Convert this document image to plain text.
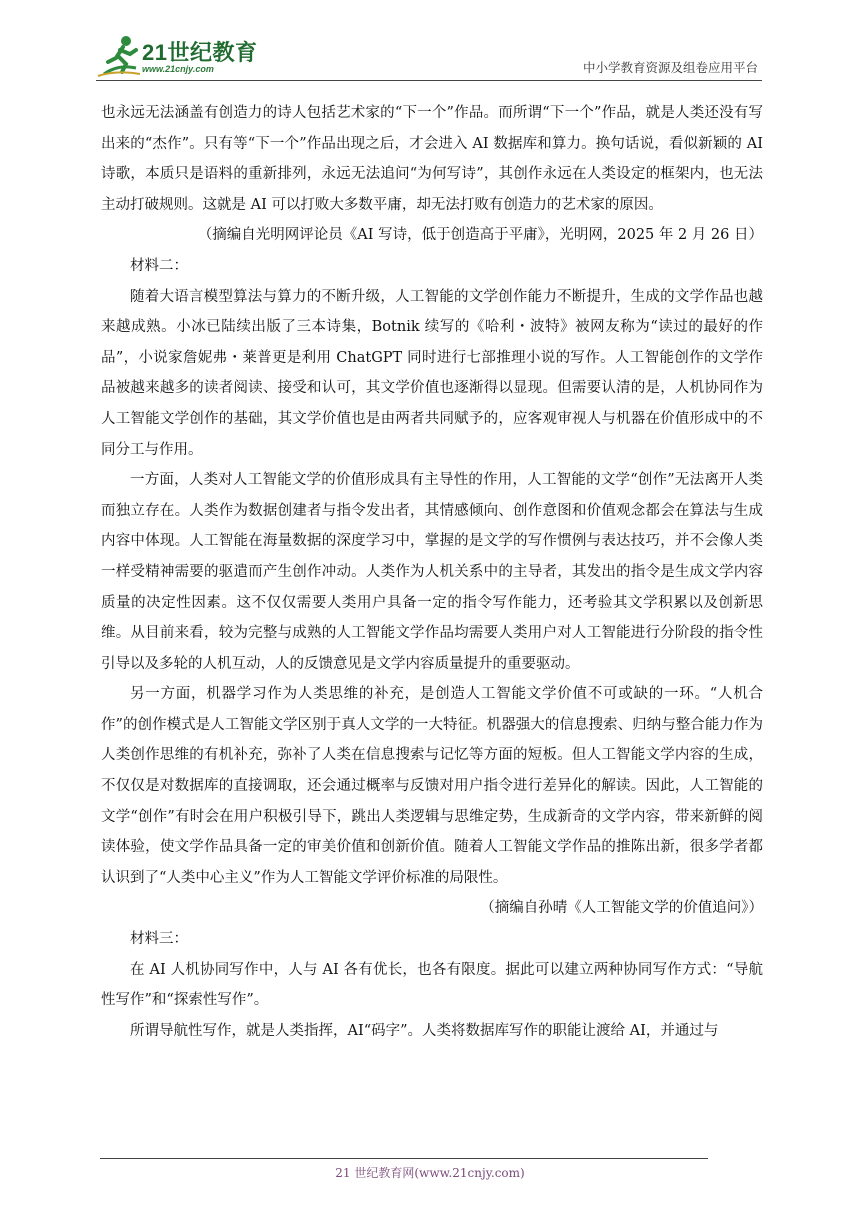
21世纪教育
www.21cnjy.com	中小学教育资源及组卷应用平台

也永远无法涵盖有创造力的诗人包括艺术家的“下一个”作品。而所谓“下一个”作品，就是人类还没有写出来的“杰作”。只有等“下一个”作品出现之后，才会进入 AI 数据库和算力。换句话说，看似新颖的 AI 诗歌，本质只是语料的重新排列，永远无法追问“为何写诗”，其创作永远在人类设定的框架内，也无法主动打破规则。这就是 AI 可以打败大多数平庸，却无法打败有创造力的艺术家的原因。

（摘编自光明网评论员《AI 写诗，低于创造高于平庸》，光明网，2025 年 2 月 26 日）

材料二：

随着大语言模型算法与算力的不断升级，人工智能的文学创作能力不断提升，生成的文学作品也越来越成熟。小冰已陆续出版了三本诗集，Botnik 续写的《哈利・波特》被网友称为“读过的最好的作品”，小说家詹妮弗・莱普更是利用 ChatGPT 同时进行七部推理小说的写作。人工智能创作的文学作品被越来越多的读者阅读、接受和认可，其文学价值也逐渐得以显现。但需要认清的是，人机协同作为人工智能文学创作的基础，其文学价值也是由两者共同赋予的，应客观审视人与机器在价值形成中的不同分工与作用。

一方面，人类对人工智能文学的价值形成具有主导性的作用，人工智能的文学“创作”无法离开人类而独立存在。人类作为数据创建者与指令发出者，其情感倾向、创作意图和价值观念都会在算法与生成内容中体现。人工智能在海量数据的深度学习中，掌握的是文学的写作惯例与表达技巧，并不会像人类一样受精神需要的驱遣而产生创作冲动。人类作为人机关系中的主导者，其发出的指令是生成文学内容质量的决定性因素。这不仅仅需要人类用户具备一定的指令写作能力，还考验其文学积累以及创新思维。从目前来看，较为完整与成熟的人工智能文学作品均需要人类用户对人工智能进行分阶段的指令性引导以及多轮的人机互动，人的反馈意见是文学内容质量提升的重要驱动。

另一方面，机器学习作为人类思维的补充，是创造人工智能文学价值不可或缺的一环。“人机合作”的创作模式是人工智能文学区别于真人文学的一大特征。机器强大的信息搜索、归纳与整合能力作为人类创作思维的有机补充，弥补了人类在信息搜索与记忆等方面的短板。但人工智能文学内容的生成，不仅仅是对数据库的直接调取，还会通过概率与反馈对用户指令进行差异化的解读。因此，人工智能的文学“创作”有时会在用户积极引导下，跳出人类逻辑与思维定势，生成新奇的文学内容，带来新鲜的阅读体验，使文学作品具备一定的审美价值和创新价值。随着人工智能文学作品的推陈出新，很多学者都认识到了“人类中心主义”作为人工智能文学评价标准的局限性。

（摘编自孙晴《人工智能文学的价值追问》）

材料三：

在 AI 人机协同写作中，人与 AI 各有优长，也各有限度。据此可以建立两种协同写作方式：“导航性写作”和“探索性写作”。

所谓导航性写作，就是人类指挥，AI“码字”。人类将数据库写作的职能让渡给 AI，并通过与

21 世纪教育网(www.21cnjy.com)
